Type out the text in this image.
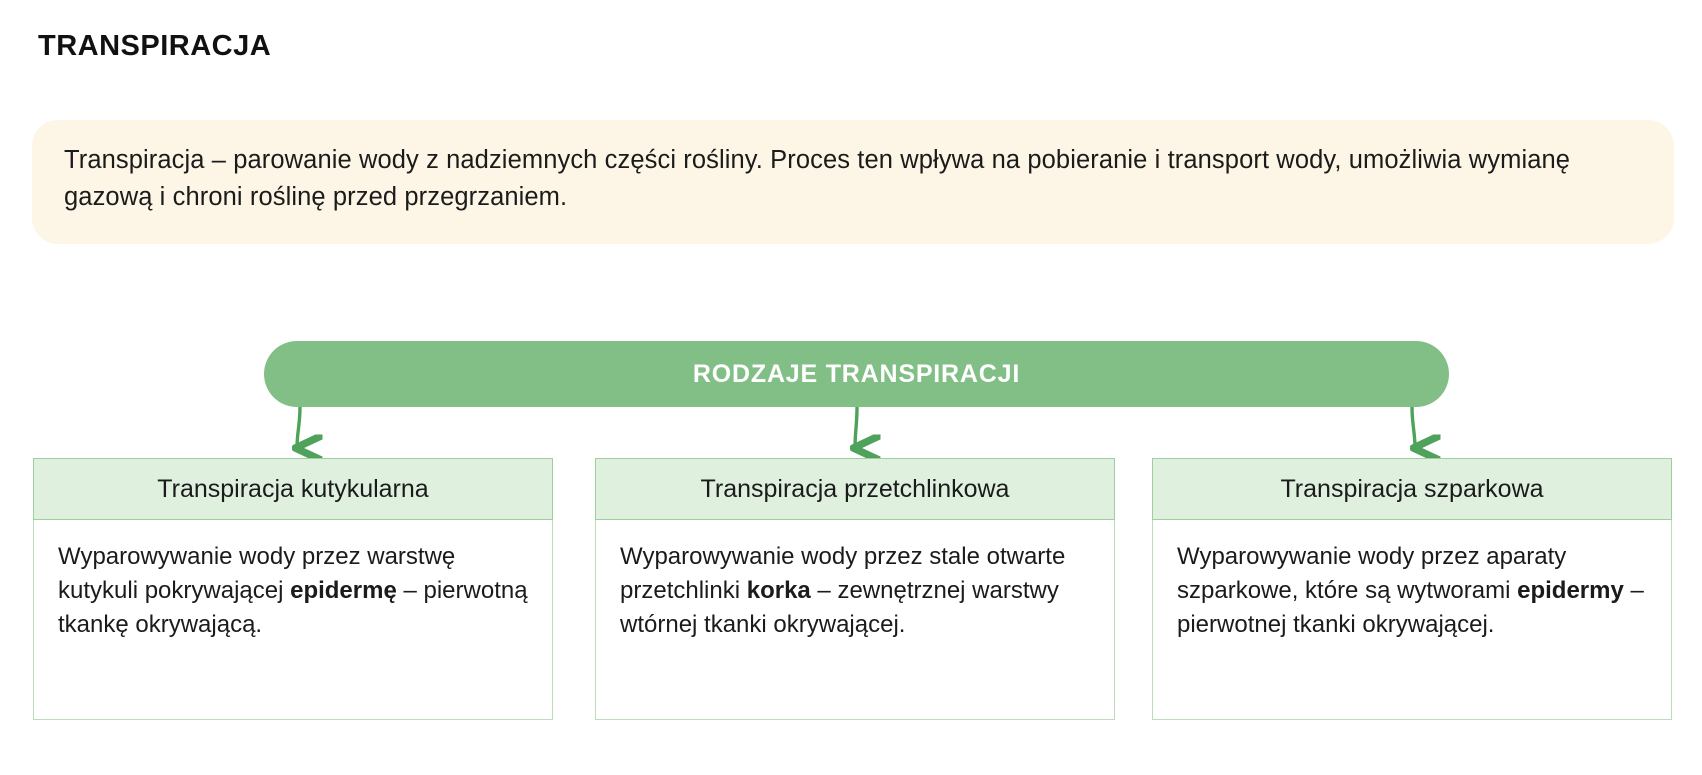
TRANSPIRACJA
Transpiracja – parowanie wody z nadziemnych części rośliny. Proces ten wpływa na pobieranie i transport wody, umożliwia wymianę gazową i chroni roślinę przed przegrzaniem.
RODZAJE TRANSPIRACJI
Transpiracja kutykularna
Wyparowywanie wody przez warstwę kutykuli pokrywającej epidermę – pierwotną tkankę okrywającą.
Transpiracja przetchlinkowa
Wyparowywanie wody przez stale otwarte przetchlinki korka – zewnętrznej warstwy wtórnej tkanki okrywającej.
Transpiracja szparkowa
Wyparowywanie wody przez aparaty szparkowe, które są wytworami epidermy – pierwotnej tkanki okrywającej.
